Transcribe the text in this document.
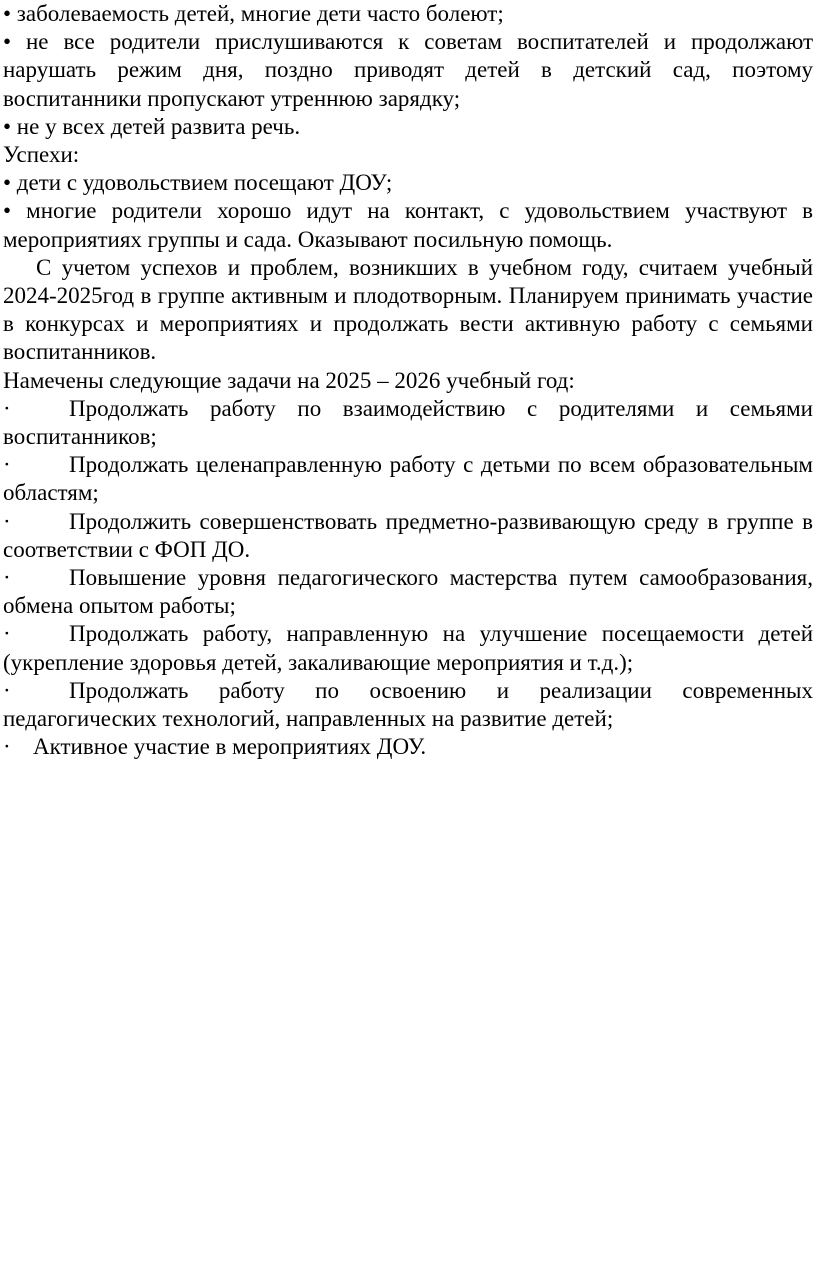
• заболеваемость детей, многие дети часто болеют;

• не все родители прислушиваются к советам воспитателей и продолжают нарушать режим дня, поздно приводят детей в детский сад, поэтому воспитанники пропускают утреннюю зарядку;

• не у всех детей развита речь.

Успехи:

• дети с удовольствием посещают ДОУ;

• многие родители хорошо идут на контакт, с удовольствием участвуют в мероприятиях группы и сада. Оказывают посильную помощь.

С учетом успехов и проблем, возникших в учебном году, считаем учебный 2024-2025год в группе активным и плодотворным. Планируем принимать участие в конкурсах и мероприятиях и продолжать вести активную работу с семьями воспитанников.

Намечены следующие задачи на 2025 – 2026 учебный год:

·	Продолжать работу по взаимодействию с родителями и семьями воспитанников;

·	Продолжать целенаправленную работу с детьми по всем образовательным областям;

·	Продолжить совершенствовать предметно-развивающую среду в группе в соответствии с ФОП ДО.

·	Повышение уровня педагогического мастерства путем самообразования, обмена опытом работы;

·	Продолжать работу, направленную на улучшение посещаемости детей (укрепление здоровья детей, закаливающие мероприятия и т.д.);

·	Продолжать работу по освоению и реализации современных педагогических технологий, направленных на развитие детей;

· Активное участие в мероприятиях ДОУ.
